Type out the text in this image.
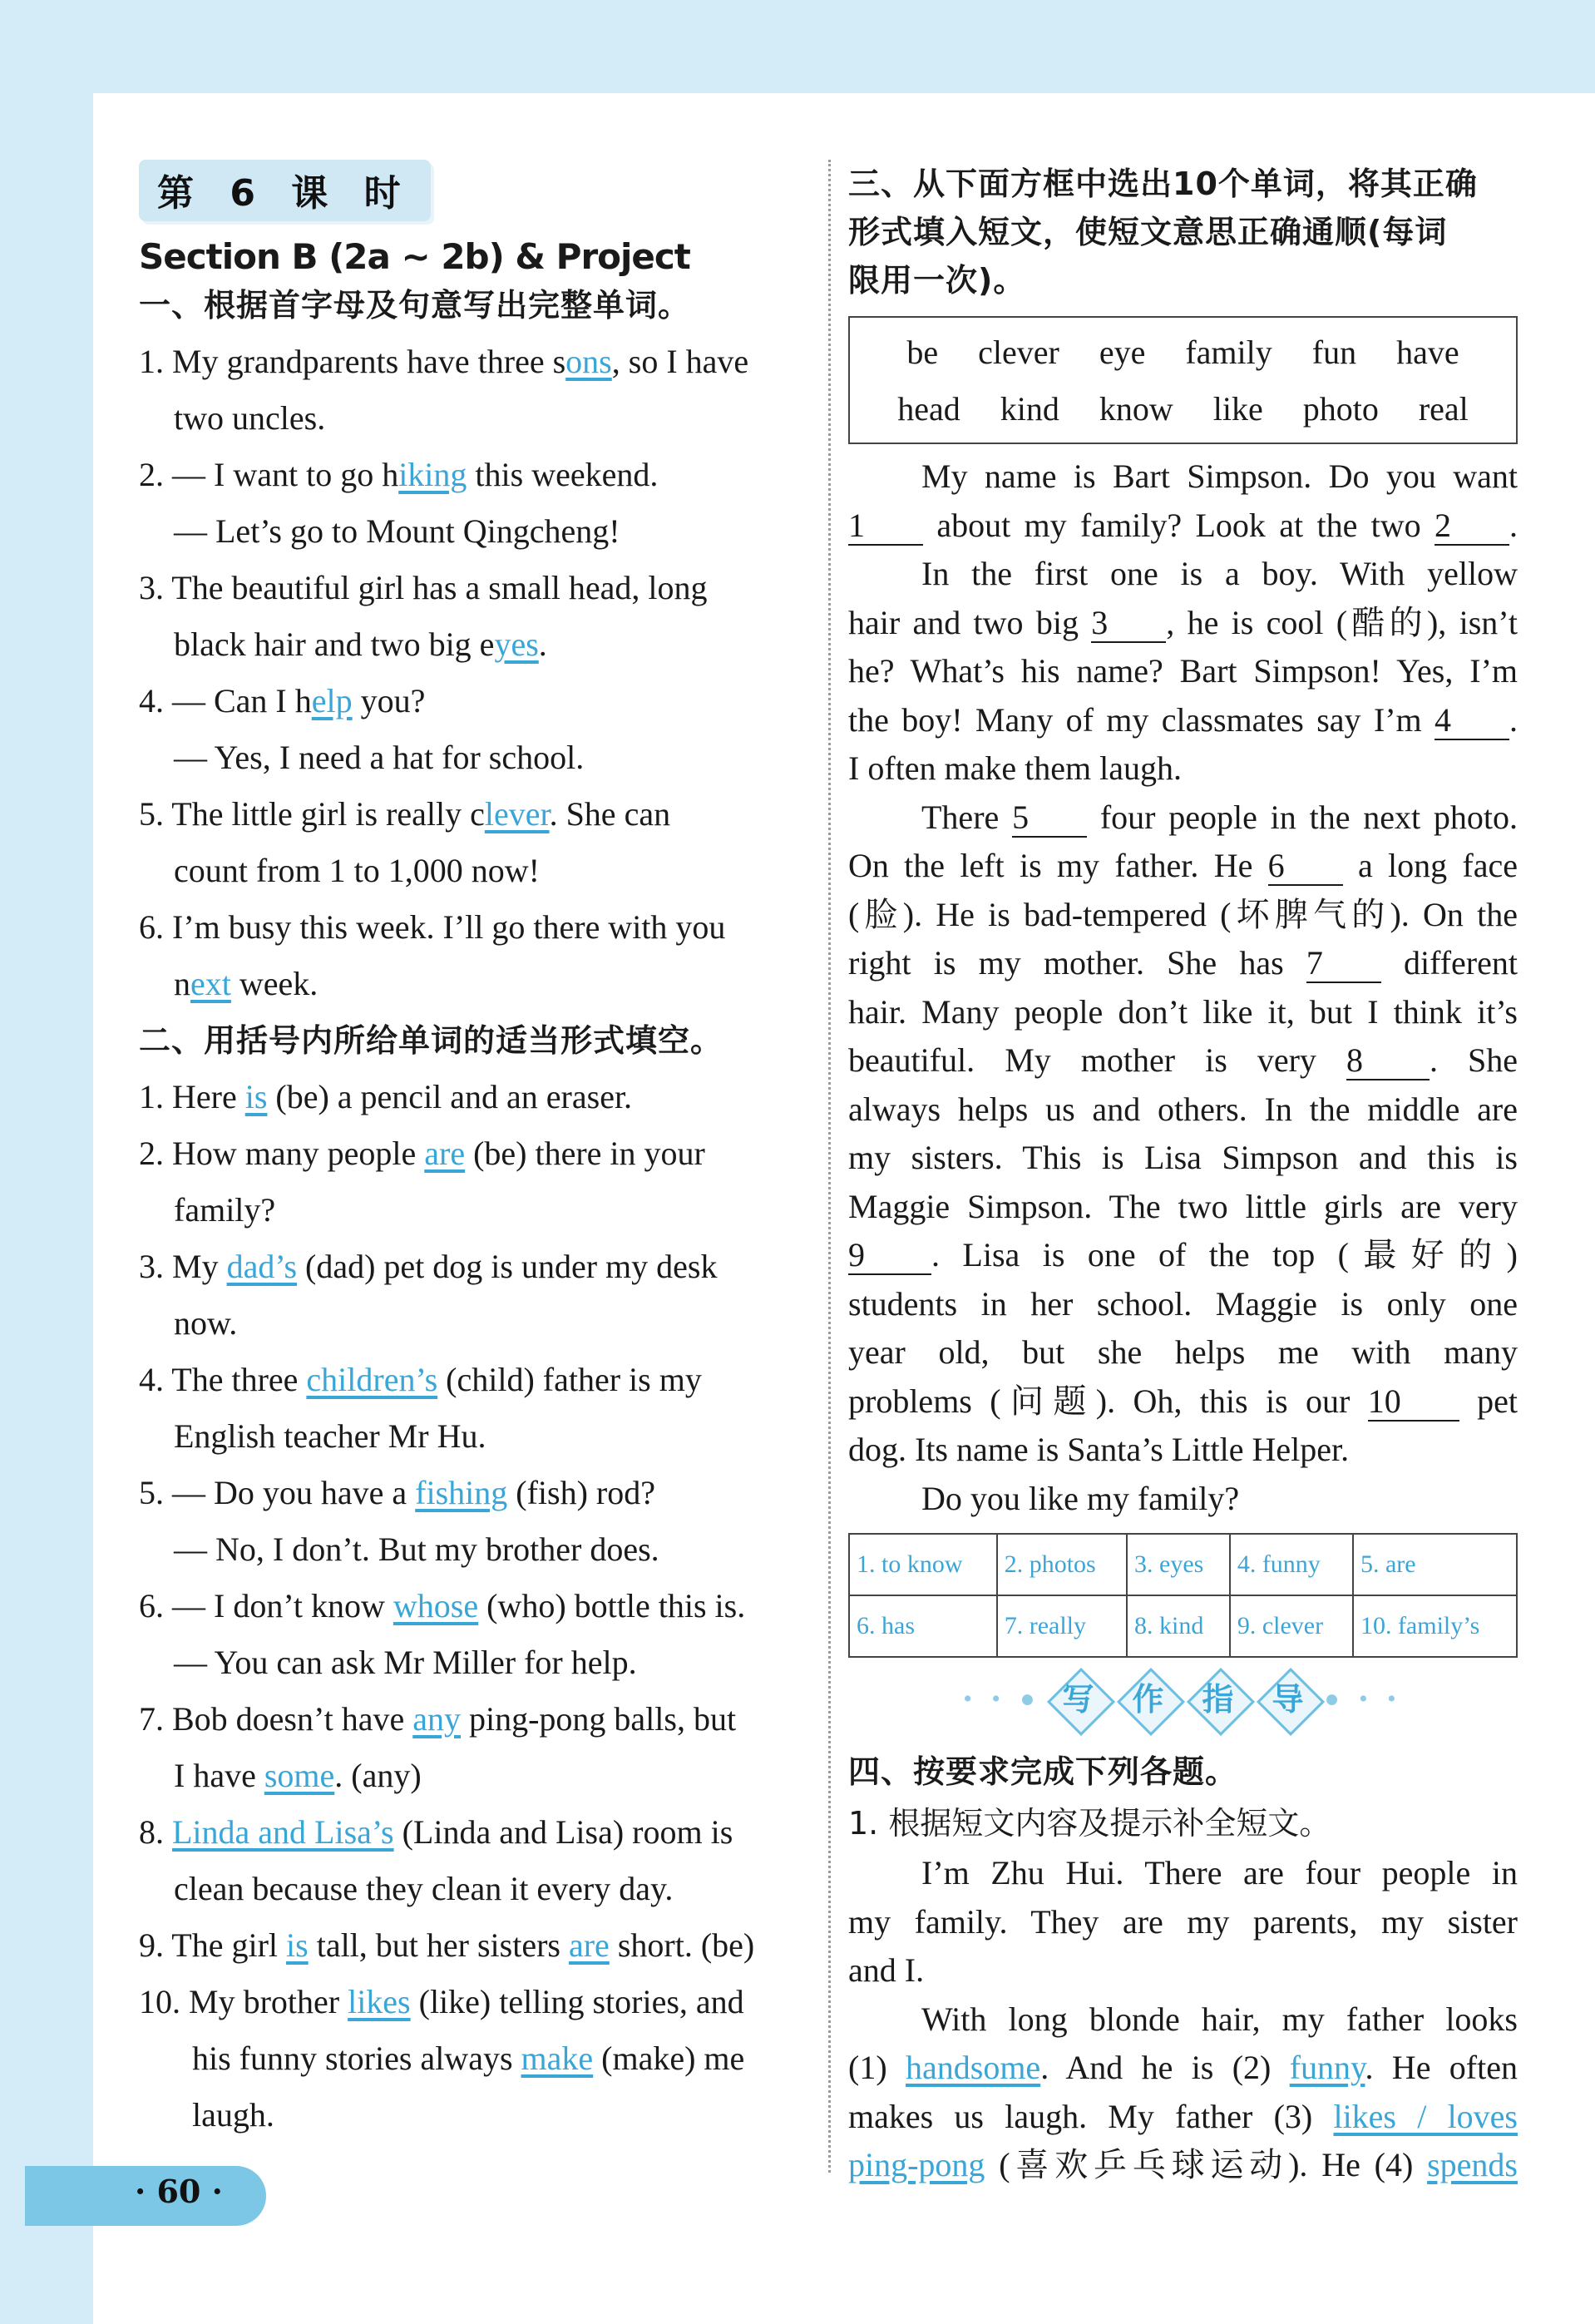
第 6 课 时
Section B (2a ~ 2b) & Project
一、根据首字母及句意写出完整单词。
1. My grandparents have three sons, so I have
two uncles.
2. — I want to go hiking this weekend.
— Let’s go to Mount Qingcheng!
3. The beautiful girl has a small head, long
black hair and two big eyes.
4. — Can I help you?
— Yes, I need a hat for school.
5. The little girl is really clever. She can
count from 1 to 1,000 now!
6. I’m busy this week. I’ll go there with you
next week.
二、用括号内所给单词的适当形式填空。
1. Here is (be) a pencil and an eraser.
2. How many people are (be) there in your
family?
3. My dad’s (dad) pet dog is under my desk
now.
4. The three children’s (child) father is my
English teacher Mr Hu.
5. — Do you have a fishing (fish) rod?
— No, I don’t. But my brother does.
6. — I don’t know whose (who) bottle this is.
— You can ask Mr Miller for help.
7. Bob doesn’t have any ping-pong balls, but
I have some. (any)
8. Linda and Lisa’s (Linda and Lisa) room is
clean because they clean it every day.
9. The girl is tall, but her sisters are short. (be)
10. My brother likes (like) telling stories, and
his funny stories always make (make) me
laugh.
三、从下面方框中选出10个单词，将其正确
形式填入短文，使短文意思正确通顺(每词
限用一次)。
be  clever  eye  family  fun  have
head  kind  know  like  photo  real
My name is Bart Simpson. Do you want
1 about my family? Look at the two 2 .
In the first one is a boy. With yellow
hair and two big 3 , he is cool (酷的), isn’t
he? What’s his name? Bart Simpson! Yes, I’m
the boy! Many of my classmates say I’m 4 .
I often make them laugh.
There 5 four people in the next photo.
On the left is my father. He 6 a long face
(脸). He is bad-tempered (坏脾气的). On the
right is my mother. She has 7 different
hair. Many people don’t like it, but I think it’s
beautiful. My mother is very 8 . She
always helps us and others. In the middle are
my sisters. This is Lisa Simpson and this is
Maggie Simpson. The two little girls are very
9 . Lisa is one of the top (最好的)
students in her school. Maggie is only one
year old, but she helps me with many
problems (问题). Oh, this is our 10 pet
dog. Its name is Santa’s Little Helper.
Do you like my family?
1. to know	2. photos	3. eyes	4. funny	5. are
6. has	7. really	8. kind	9. clever	10. family’s
• • ● 写
	作
	指
	导 ● • •
四、按要求完成下列各题。
1. 根据短文内容及提示补全短文。
I’m Zhu Hui. There are four people in
my family. They are my parents, my sister
and I.
With long blonde hair, my father looks
(1) handsome. And he is (2) funny. He often
makes us laugh. My father (3) likes / loves
ping-pong (喜欢乒乓球运动). He (4) spends
· 60 ·
